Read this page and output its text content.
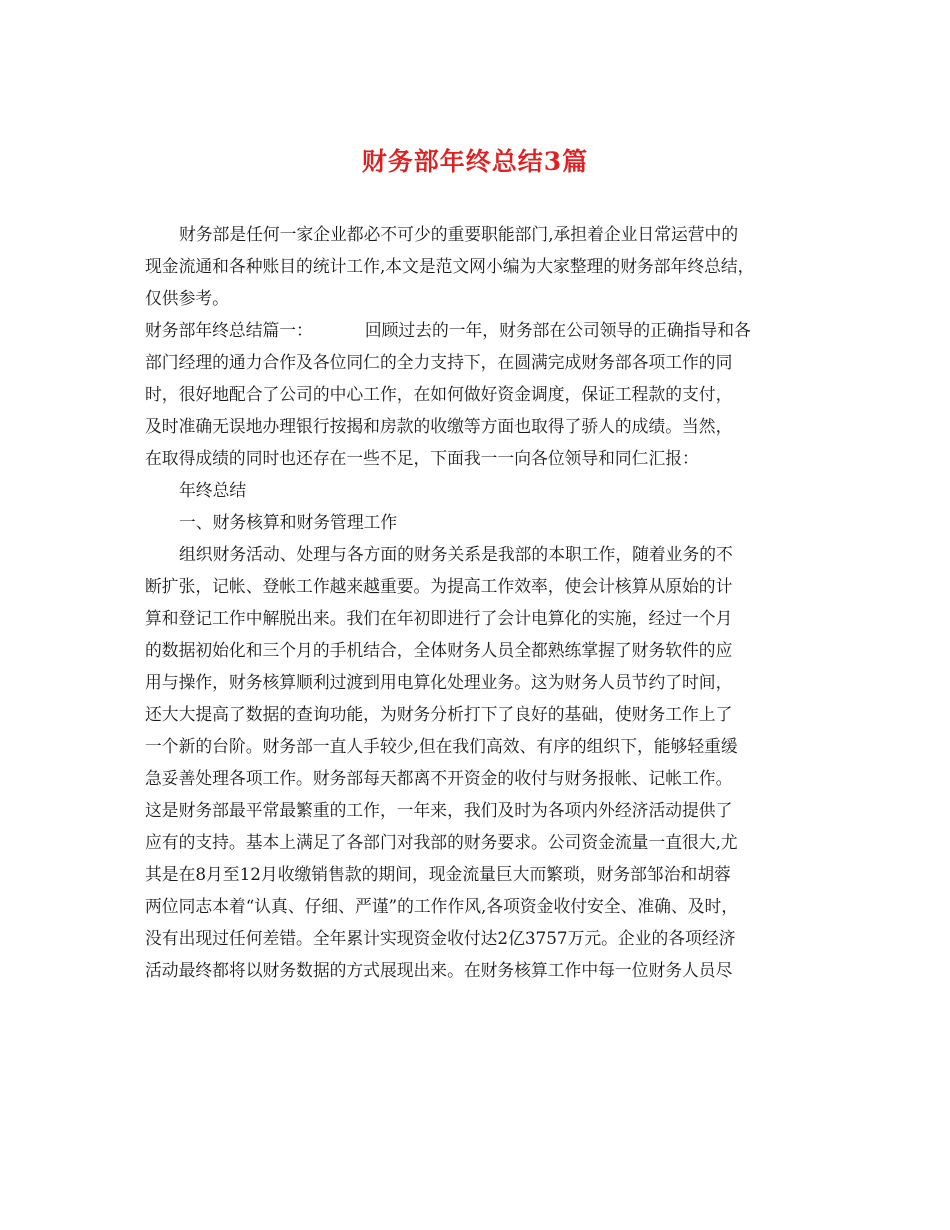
财务部年终总结3篇
财务部是任何一家企业都必不可少的重要职能部门,承担着企业日常运营中的
现金流通和各种账目的统计工作,本文是范文网小编为大家整理的财务部年终总结，
仅供参考。
财务部年终总结篇一：	回顾过去的一年，财务部在公司领导的正确指导和各
部门经理的通力合作及各位同仁的全力支持下，在圆满完成财务部各项工作的同
时，很好地配合了公司的中心工作，在如何做好资金调度，保证工程款的支付，
及时准确无误地办理银行按揭和房款的收缴等方面也取得了骄人的成绩。当然，
在取得成绩的同时也还存在一些不足，下面我一一向各位领导和同仁汇报：
年终总结
一、财务核算和财务管理工作
组织财务活动、处理与各方面的财务关系是我部的本职工作，随着业务的不
断扩张，记帐、登帐工作越来越重要。为提高工作效率，使会计核算从原始的计
算和登记工作中解脱出来。我们在年初即进行了会计电算化的实施，经过一个月
的数据初始化和三个月的手机结合，全体财务人员全都熟练掌握了财务软件的应
用与操作，财务核算顺利过渡到用电算化处理业务。这为财务人员节约了时间，
还大大提高了数据的查询功能，为财务分析打下了良好的基础，使财务工作上了
一个新的台阶。财务部一直人手较少,但在我们高效、有序的组织下，能够轻重缓
急妥善处理各项工作。财务部每天都离不开资金的收付与财务报帐、记帐工作。
这是财务部最平常最繁重的工作，一年来，我们及时为各项内外经济活动提供了
应有的支持。基本上满足了各部门对我部的财务要求。公司资金流量一直很大,尤
其是在8月至12月收缴销售款的期间，现金流量巨大而繁琐，财务部邹治和胡蓉
两位同志本着“认真、仔细、严谨”的工作作风,各项资金收付安全、准确、及时，
没有出现过任何差错。全年累计实现资金收付达2亿3757万元。企业的各项经济
活动最终都将以财务数据的方式展现出来。在财务核算工作中每一位财务人员尽
